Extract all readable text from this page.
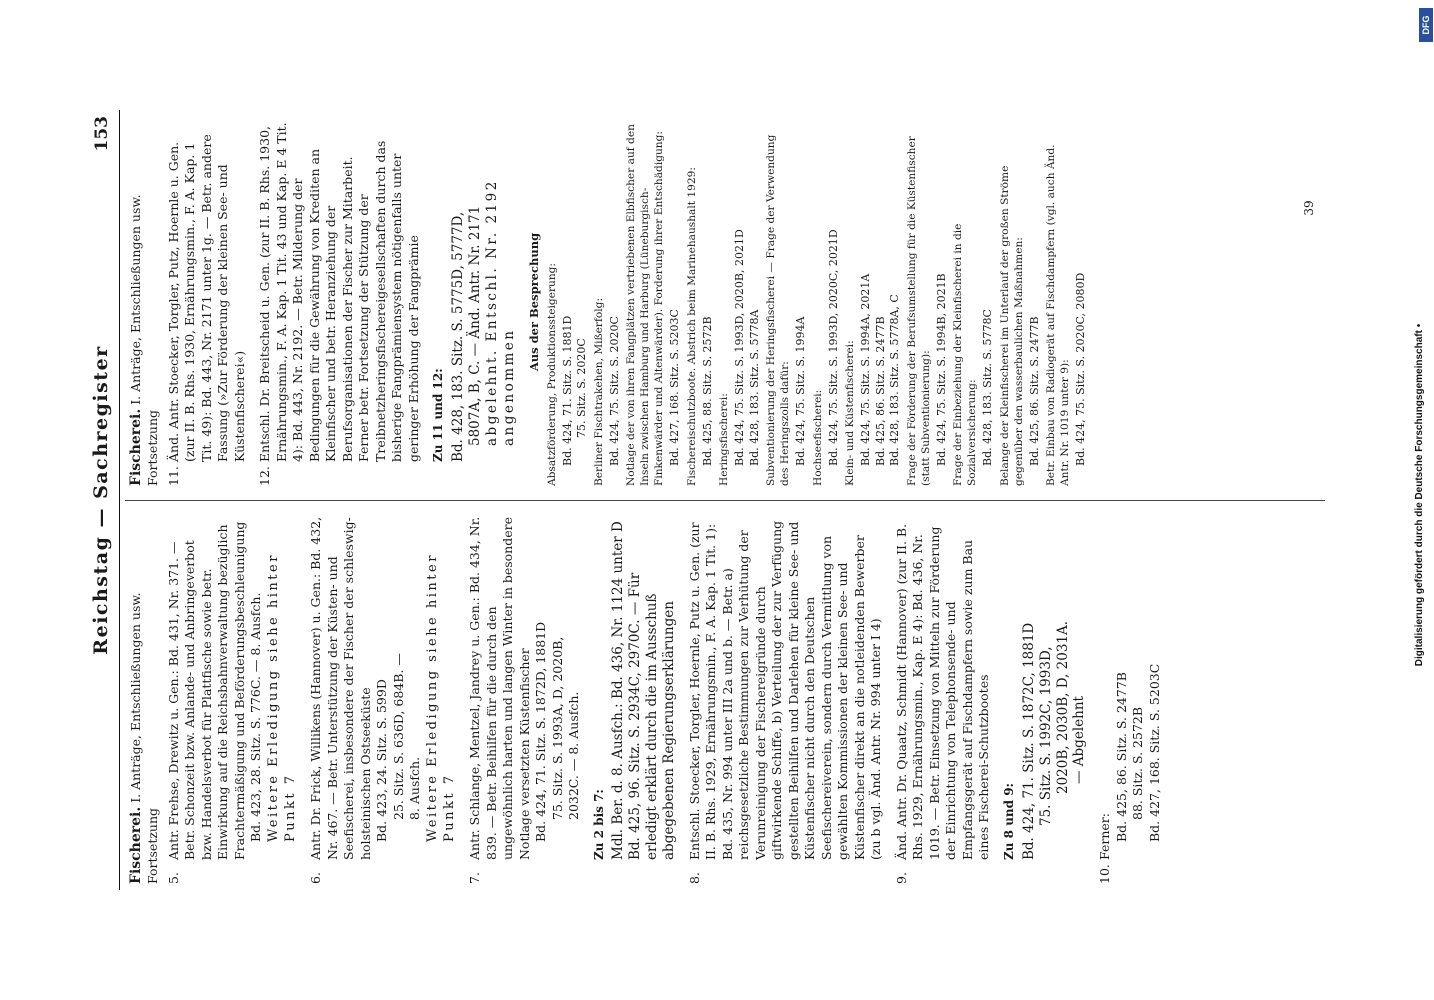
Reichstag — Sachregister
153
Fischerei. I. Anträge, Entschließungen usw. Fortsetzung 5.Antr. Frehse, Drewitz u. Gen.: Bd. 431, Nr. 371. — Betr. Schonzeit bzw. Anlande- und Anbringeverbot bzw. Handelsverbot für Plattfische sowie betr. Einwirkung auf die Reichsbahnverwaltung bezüglich Frachtermäßigung und Beförderungsbeschleunigung Bd. 423, 28. Sitz. S. 776C. — 8. Ausfch. Weitere Erledigung siehe hinter Punkt 7
6.Antr. Dr. Frick, Willikens (Hannover) u. Gen.: Bd. 432, Nr. 467. — Betr. Unterstützung der Küsten- und Seefischerei, insbesondere der Fischer der schleswig-holsteinischen Ostseeküste Bd. 423, 24. Sitz. S. 599D 25. Sitz. S. 636D, 684B. — 8. Ausfch. Weitere Erledigung siehe hinter Punkt 7
7.Antr. Schlange, Mentzel, Jandrey u. Gen.: Bd. 434, Nr. 839. — Betr. Beihilfen für die durch den ungewöhnlich harten und langen Winter in besondere Notlage versetzten Küstenfischer Bd. 424, 71. Sitz. S. 1872D, 1881D 75. Sitz. S. 1993A, D, 2020B, 2032C. — 8. Ausfch.
Zu 2 bis 7: Mdl. Ber. d. 8. Ausfch.: Bd. 436, Nr. 1124 unter D Bd. 425, 96. Sitz. S. 2934C, 2970C. — Für erledigt erklärt durch die im Ausschuß abgegebenen Regierungserklärungen
8.Entschl. Stoecker, Torgler, Hoernle, Putz u. Gen. (zur II. B. Rhs. 1929, Ernährungsmin., F. A. Kap. 1 Tit. 1): Bd. 435, Nr. 994 unter III 2a und b. — Betr. a) reichsgesetzliche Bestimmungen zur Verhütung der Verunreinigung der Fischereigründe durch giftwirkende Schiffe, b) Verteilung der zur Verfügung gestellten Beihilfen und Darlehen für kleine See- und Küstenfischer nicht durch den Deutschen Seefischereiverein, sondern durch Vermittlung von gewählten Kommissionen der kleinen See- und Küstenfischer direkt an die notleidenden Bewerber (zu b vgl. Änd. Antr. Nr. 994 unter I 4)
9.Änd. Antr. Dr. Quaatz, Schmidt (Hannover) (zur II. B. Rhs. 1929, Ernährungsmin., Kap. E 4): Bd. 436, Nr. 1019. — Betr. Einsetzung von Mitteln zur Förderung der Einrichtung von Telephonsende- und Empfangsgerät auf Fischdampfern sowie zum Bau eines Fischerei-Schutzbootes Zu 8 und 9: Bd. 424, 71. Sitz. S. 1872C, 1881D 75. Sitz. S. 1992C, 1993D, 2020B, 2030B, D, 2031A. — Abgelehnt
10.Ferner: Bd. 425, 86. Sitz. S. 2477B 88. Sitz. S. 2572B Bd. 427, 168. Sitz. S. 5203C
Fischerei. I. Anträge, Entschließungen usw. Fortsetzung 11.Änd. Antr. Stoecker, Torgler, Putz, Hoernle u. Gen. (zur II. B. Rhs. 1930, Ernährungsmin., F. A. Kap. 1 Tit. 49): Bd. 443, Nr. 2171 unter 1g. — Betr. andere Fassung (»Zur Förderung der kleinen See- und Küstenfischerei«)
12.Entschl. Dr. Breitscheid u. Gen. (zur II. B. Rhs. 1930, Ernährungsmin., F. A. Kap. 1 Tit. 43 und Kap. E 4 Tit. 4): Bd. 443, Nr. 2192. — Betr. Milderung der Bedingungen für die Gewährung von Krediten an Kleinfischer und betr. Heranziehung der Berufsorganisationen der Fischer zur Mitarbeit. Ferner betr. Fortsetzung der Stützung der Treibnetzheringsfischereigesellschaften durch das bisherige Fangprämiensystem nötigenfalls unter geringer Erhöhung der Fangprämie Zu 11 und 12: Bd. 428, 183. Sitz. S. 5775D, 5777D, 5807A, B, C. — Änd. Antr. Nr. 2171 abgelehnt. Entschl. Nr. 2192 angenommen
Aus der Besprechung Absatzförderung, Produktionssteigerung: Bd. 424, 71. Sitz. S. 1881D 75. Sitz. S. 2020C Berliner Fischtrakehen, Mißerfolg: Bd. 424, 75. Sitz. S. 2020C Notlage der von ihren Fangplätzen vertriebenen Elbfischer auf den Inseln zwischen Hamburg und Harburg (Lüneburgisch-Finkenwärder und Altenwärder). Forderung ihrer Entschädigung: Bd. 427, 168. Sitz. S. 5203C Fischereischutzboote. Abstrich beim Marinehaushalt 1929: Bd. 425, 88. Sitz. S. 2572B Heringsfischerei: Bd. 424, 75. Sitz. S. 1993D, 2020B, 2021D Bd. 428, 183. Sitz. S. 5778A Subventionierung der Heringsfischerei — Frage der Verwendung des Heringszolls dafür: Bd. 424, 75. Sitz. S. 1994A Hochseefischerei: Bd. 424, 75. Sitz. S. 1993D, 2020C, 2021D Klein- und Küstenfischerei: Bd. 424, 75. Sitz. S. 1994A, 2021A Bd. 425, 86. Sitz. S. 2477B Bd. 428, 183. Sitz. S. 5778A, C Frage der Förderung der Berufsumstellung für die Küstenfischer (statt Subventionierung): Bd. 424, 75. Sitz. S. 1994B, 2021B Frage der Einbeziehung der Kleinfischerei in die Sozialversicherung: Bd. 428, 183. Sitz. S. 5778C Belange der Kleinfischerei im Unterlauf der großen Ströme gegenüber den wasserbaulichen Maßnahmen: Bd. 425, 86. Sitz. S. 2477B Betr. Einbau von Radiogerät auf Fischdampfern (vgl. auch Änd. Antr. Nr. 1019 unter 9): Bd. 424, 75. Sitz. S. 2020C, 2080D
39
Digitalisierung gefördert durch die Deutsche Forschungsgemeinschaft •
DFG
